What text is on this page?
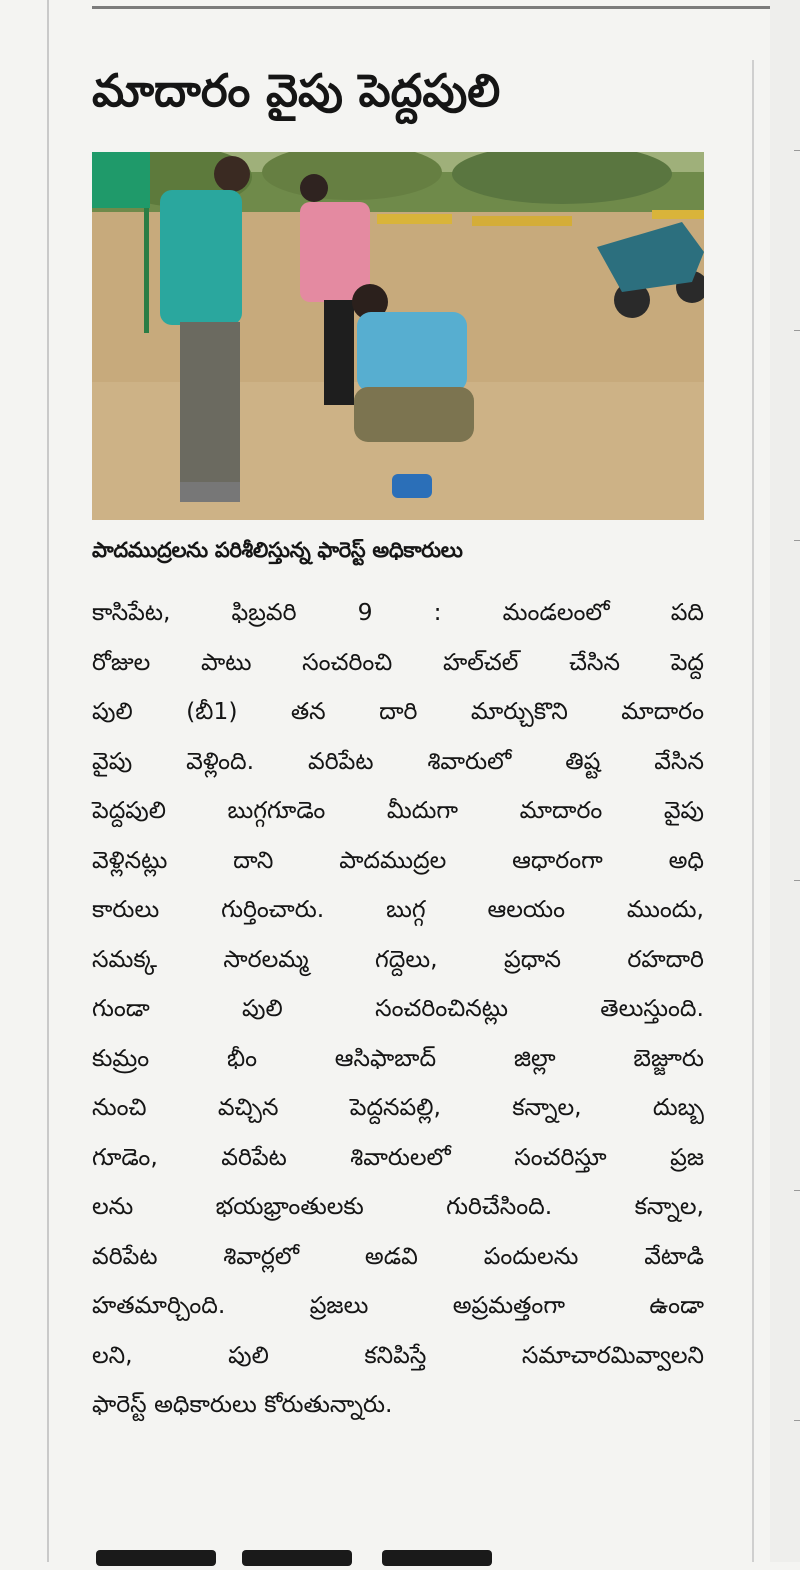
మాదారం వైపు పెద్దపులి

పాదముద్రలను పరిశీలిస్తున్న ఫారెస్ట్ అధికారులు

కాసిపేట, ఫిబ్రవరి 9 : మండలంలో పది
రోజుల పాటు సంచరించి హల్‌చల్ చేసిన పెద్ద
పులి (బీ1) తన దారి మార్చుకొని మాదారం
వైపు వెళ్లింది. వరిపేట శివారులో తిష్ట వేసిన
పెద్దపులి బుగ్గగూడెం మీదుగా మాదారం వైపు
వెళ్లినట్లు దాని పాదముద్రల ఆధారంగా అధి
కారులు గుర్తించారు. బుగ్గ ఆలయం ముందు,
సమక్క సారలమ్మ గద్దెలు, ప్రధాన రహదారి
గుండా పులి సంచరించినట్లు తెలుస్తుంది.
కుమ్రం భీం ఆసిఫాబాద్ జిల్లా బెజ్జూరు
నుంచి వచ్చిన పెద్దనపల్లి, కన్నాల, దుబ్బ
గూడెం, వరిపేట శివారులలో సంచరిస్తూ ప్రజ
లను భయభ్రాంతులకు గురిచేసింది. కన్నాల,
వరిపేట శివార్లలో అడవి పందులను వేటాడి
హతమార్చింది. ప్రజలు అప్రమత్తంగా ఉండా
లని, పులి కనిపిస్తే సమాచారమివ్వాలని
ఫారెస్ట్ అధికారులు కోరుతున్నారు.
